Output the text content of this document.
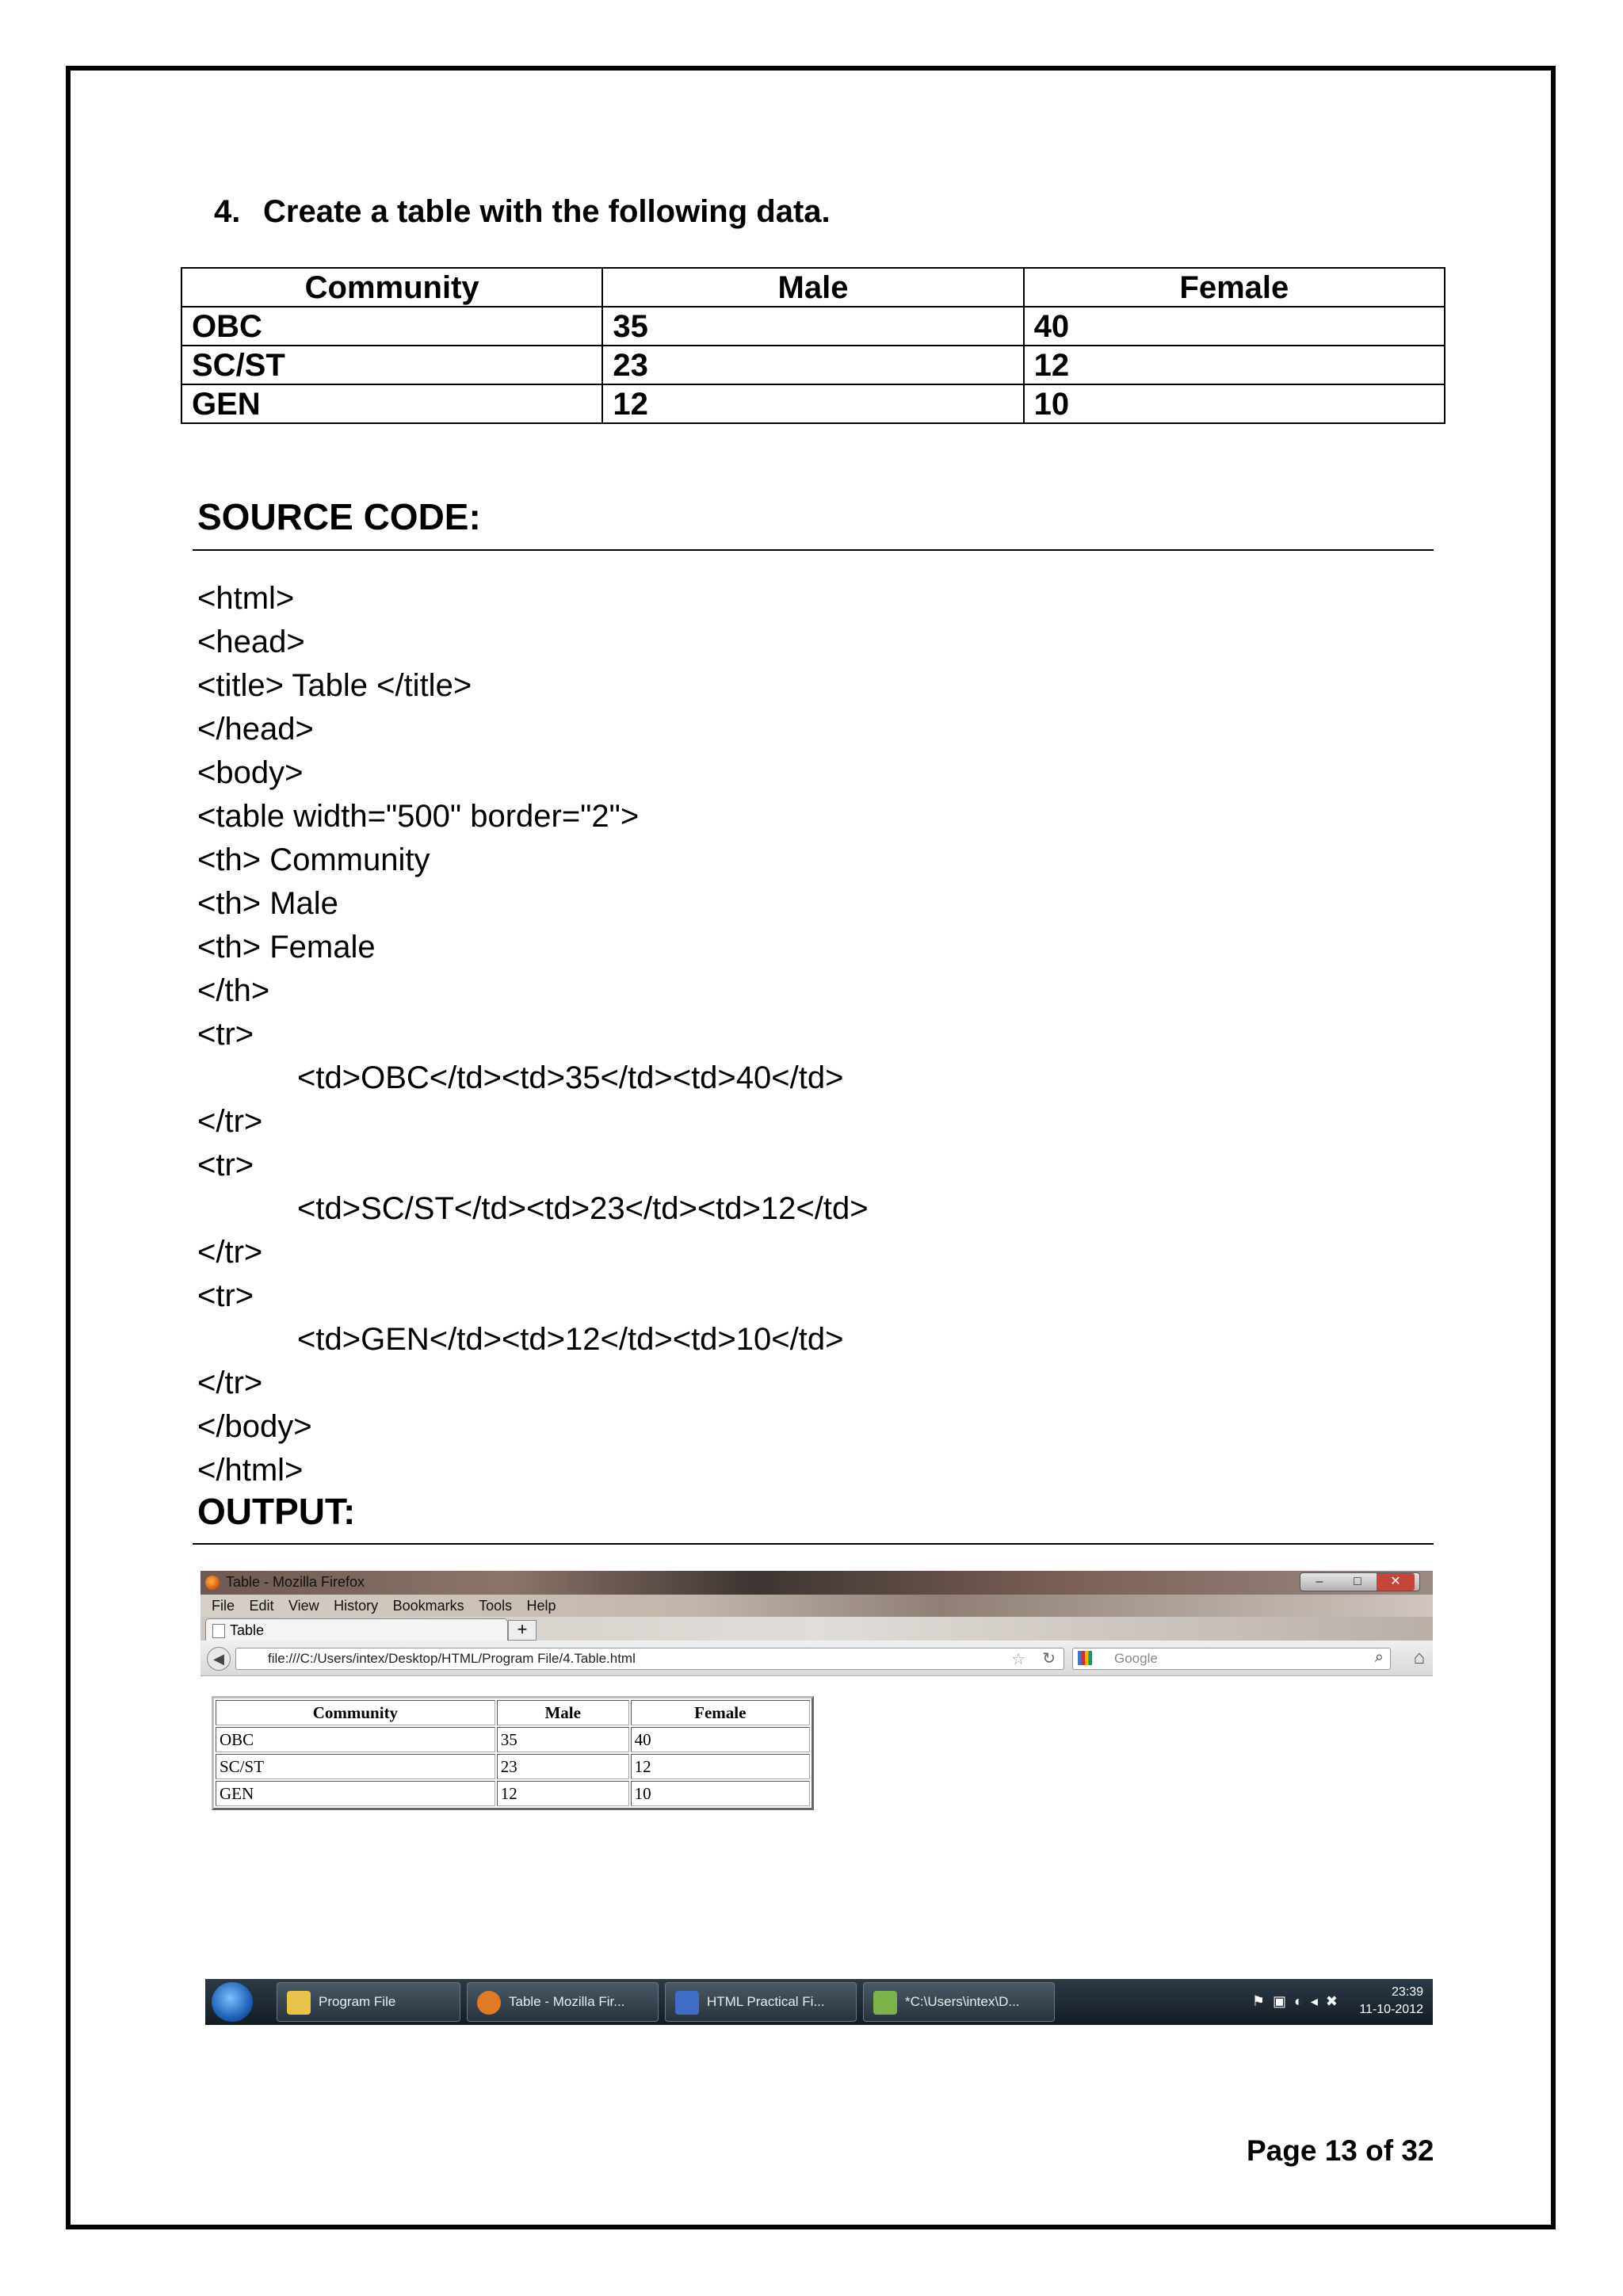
4. Create a table with the following data.
Community	Male	Female
OBC	35	40
SC/ST	23	12
GEN	12	10
SOURCE CODE:
<html>
<head>
<title> Table </title>
</head>
<body>
<table width="500" border="2">
<th> Community
<th> Male
<th> Female
</th>
<tr>
<td>OBC</td><td>35</td><td>40</td>
</tr>
<tr>
<td>SC/ST</td><td>23</td><td>12</td>
</tr>
<tr>
<td>GEN</td><td>12</td><td>10</td>
</tr>
</body>
</html>
OUTPUT:
Table - Mozilla Firefox	– □ ✕
File Edit View History Bookmarks Tools Help
Table	+
◀	file:///C:/Users/intex/Desktop/HTML/Program File/4.Table.html	☆ ↻	Google	⌕ ⌂
Community	Male	Female
OBC	35	40
SC/ST	23	12
GEN	12	10
Program File	Table - Mozilla Fir...	HTML Practical Fi...	*C:\Users\intex\D...	⚑▣◐◂✖
23:39
11-10-2012
Page 13 of 32
